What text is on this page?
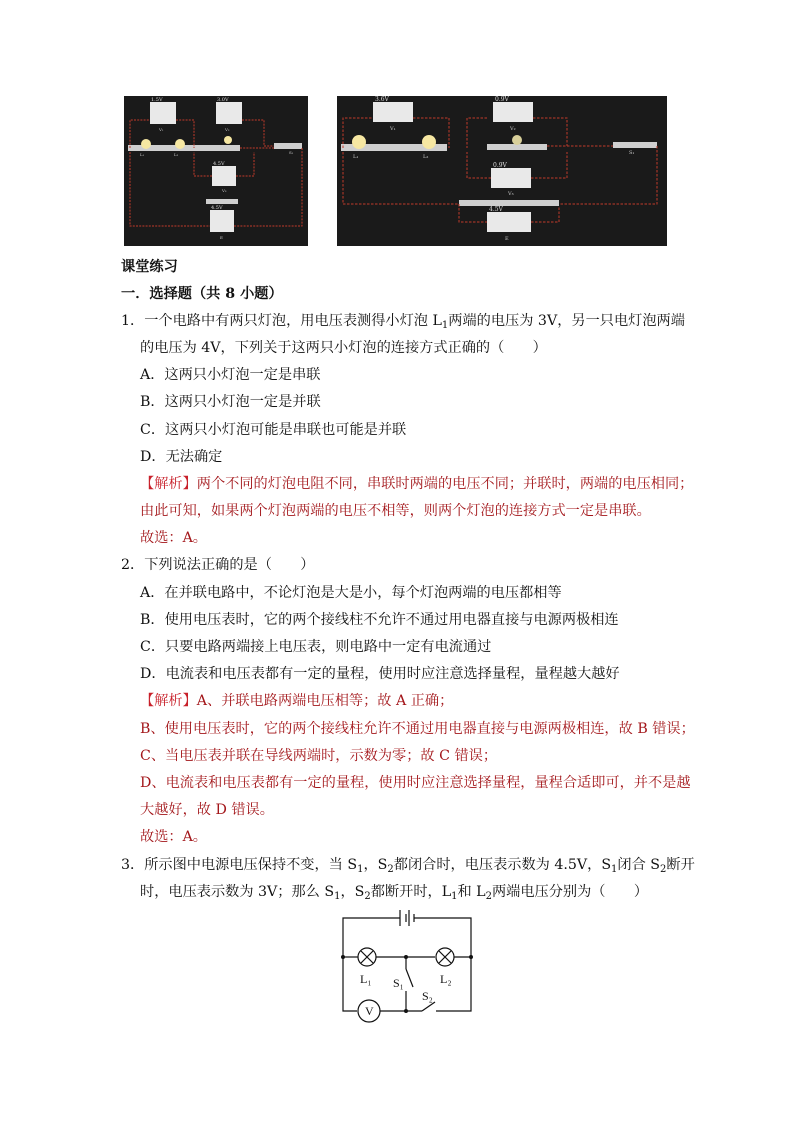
1.5V	3.0V
V₁	V₂
L₁	L₂	S₁
4.5V
V₃
4.5V
E
3.6V	0.9V
V₁	V₂
L₁	L₂
S₁
0.9V
V₃
4.5V
E
课堂练习
一．选择题（共 8 小题）
1．一个电路中有两只灯泡，用电压表测得小灯泡 $L_1$两端的电压为 3V，另一只电灯泡两端
的电压为 4V，下列关于这两只小灯泡的连接方式正确的（　　）
A．这两只小灯泡一定是串联
B．这两只小灯泡一定是并联
C．这两只小灯泡可能是串联也可能是并联
D．无法确定
【解析】两个不同的灯泡电阻不同，串联时两端的电压不同；并联时，两端的电压相同；
由此可知，如果两个灯泡两端的电压不相等，则两个灯泡的连接方式一定是串联。
故选：A。
2．下列说法正确的是（　　）
A．在并联电路中，不论灯泡是大是小，每个灯泡两端的电压都相等
B．使用电压表时，它的两个接线柱不允许不通过用电器直接与电源两极相连
C．只要电路两端接上电压表，则电路中一定有电流通过
D．电流表和电压表都有一定的量程，使用时应注意选择量程，量程越大越好
【解析】A、并联电路两端电压相等；故 A 正确；
B、使用电压表时，它的两个接线柱允许不通过用电器直接与电源两极相连，故 B 错误；
C、当电压表并联在导线两端时，示数为零；故 C 错误；
D、电流表和电压表都有一定的量程，使用时应注意选择量程，量程合适即可，并不是越
大越好，故 D 错误。
故选：A。
3．所示图中电源电压保持不变，当 $S_1$，$S_2$都闭合时，电压表示数为 4.5V，$S_1$闭合 $S_2$断开
时，电压表示数为 3V；那么 $S_1$，$S_2$都断开时，$L_1$和 $L_2$两端电压分别为（　　）
L₁	L₂
S₁
S₂
V
